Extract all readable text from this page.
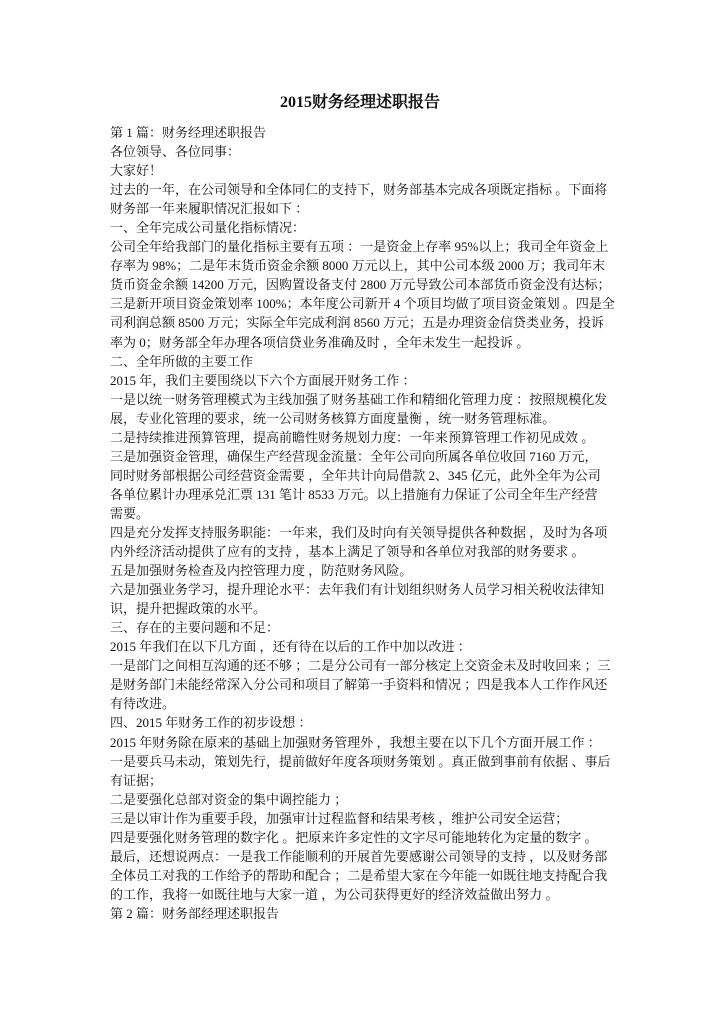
2015财务经理述职报告
第 1 篇：财务经理述职报告
各位领导、各位同事：
大家好！
过去的一年，在公司领导和全体同仁的支持下，财务部基本完成各项既定指标 。下面将
财务部一年来履职情况汇报如下 ：
一、全年完成公司量化指标情况：
公司全年给我部门的量化指标主要有五项 ：一是资金上存率 95%以上；我司全年资金上
存率为 98%；二是年末货币资金余额 8000 万元以上，其中公司本级 2000 万；我司年末
货币资金余额 14200 万元，因购置设备支付 2800 万元导致公司本部货币资金没有达标；
三是新开项目资金策划率 100%；本年度公司新开 4 个项目均做了项目资金策划 。四是全
司利润总额 8500 万元；实际全年完成利润 8560 万元；五是办理资金信贷类业务，投诉
率为 0；财务部全年办理各项信贷业务准确及时 ，全年未发生一起投诉 。
二、全年所做的主要工作
2015 年，我们主要围绕以下六个方面展开财务工作 ：
一是以统一财务管理模式为主线加强了财务基础工作和精细化管理力度 ：按照规模化发
展，专业化管理的要求，统一公司财务核算方面度量衡 ，统一财务管理标准。
二是持续推进预算管理，提高前瞻性财务规划力度：一年来预算管理工作初见成效 。
三是加强资金管理，确保生产经营现金流量：全年公司向所属各单位收回 7160 万元，
同时财务部根据公司经营资金需要 ，全年共计向局借款 2、345 亿元，此外全年为公司
各单位累计办理承兑汇票 131 笔计 8533 万元。以上措施有力保证了公司全年生产经营
需要。
四是充分发挥支持服务职能：一年来，我们及时向有关领导提供各种数据 ，及时为各项
内外经济活动提供了应有的支持 ，基本上满足了领导和各单位对我部的财务要求 。
五是加强财务检查及内控管理力度 ，防范财务风险。
六是加强业务学习，提升理论水平：去年我们有计划组织财务人员学习相关税收法律知
识，提升把握政策的水平。
三、存在的主要问题和不足：
2015 年我们在以下几方面 ，还有待在以后的工作中加以改进 ：
一是部门之间相互沟通的还不够 ；二是分公司有一部分核定上交资金未及时收回来 ；三
是财务部门未能经常深入分公司和项目了解第一手资料和情况 ；四是我本人工作作风还
有待改进。
四、2015 年财务工作的初步设想 ：
2015 年财务除在原来的基础上加强财务管理外 ，我想主要在以下几个方面开展工作 ：
一是要兵马未动，策划先行，提前做好年度各项财务策划 。真正做到事前有依据 、事后
有证据；
二是要强化总部对资金的集中调控能力 ；
三是以审计作为重要手段，加强审计过程监督和结果考核 ，维护公司安全运营；
四是要强化财务管理的数字化 。把原来许多定性的文字尽可能地转化为定量的数字 。
最后，还想说两点：一是我工作能顺利的开展首先要感谢公司领导的支持 ，以及财务部
全体员工对我的工作给予的帮助和配合 ；二是希望大家在今年能一如既往地支持配合我
的工作，我将一如既往地与大家一道 ，为公司获得更好的经济效益做出努力 。
第 2 篇：财务部经理述职报告
